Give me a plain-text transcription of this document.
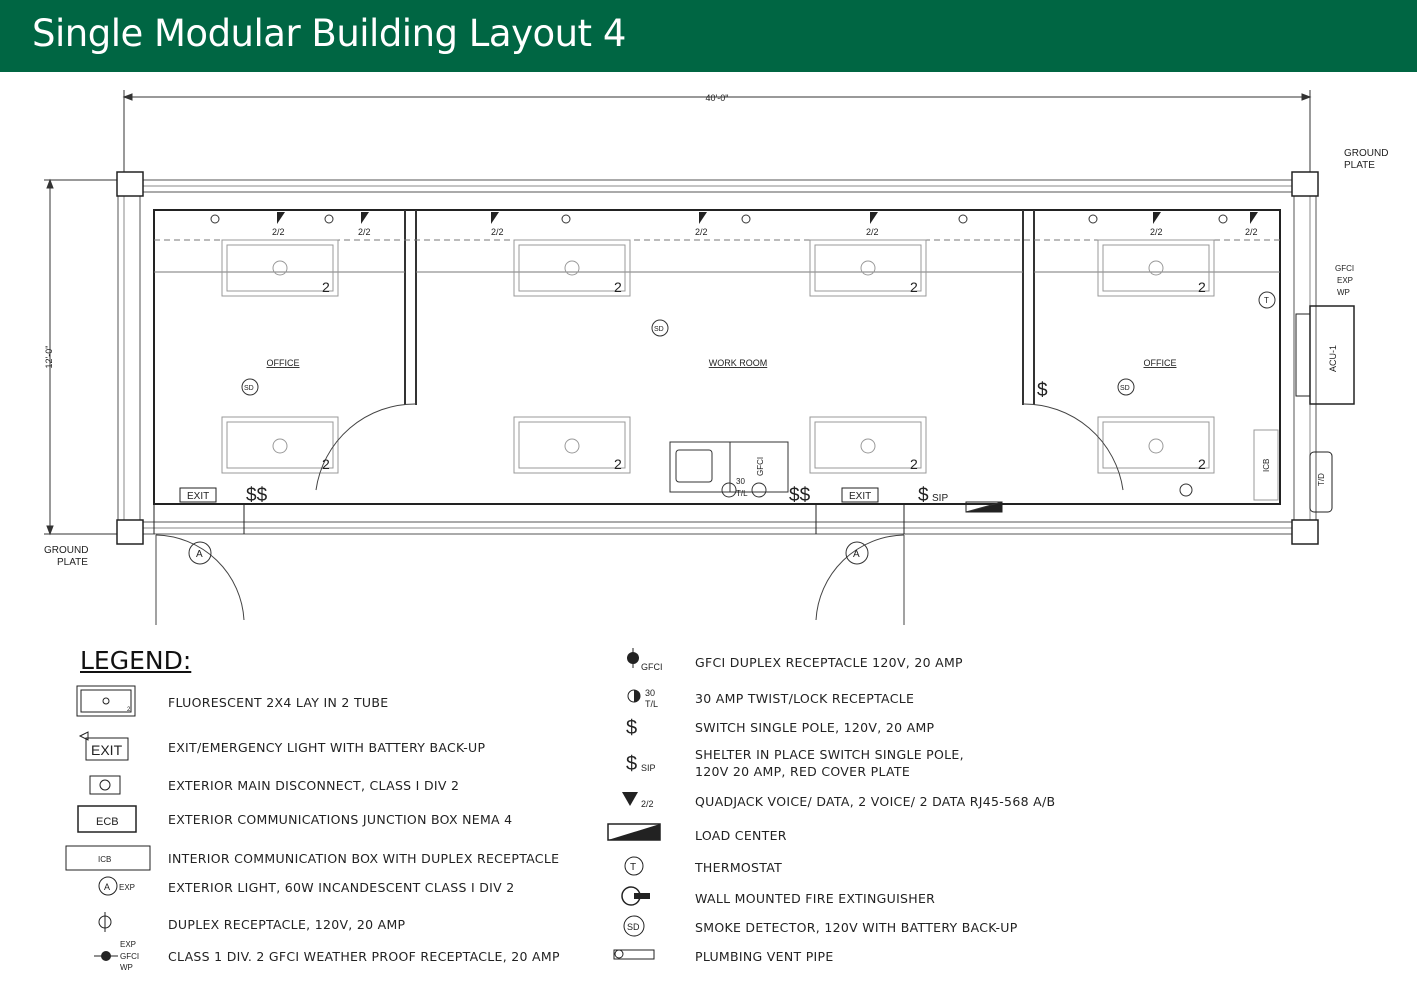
Single Modular Building Layout 4
40'-0"
12'-0"
GROUND
PLATE
GROUND
PLATE
OFFICE	WORK ROOM	OFFICE
SD
SD	SD
T
2/2	2/2	2/2	2/2	2/2	2/2	2/2
2	2	2	2
2	2	2	2
EXIT	EXIT
$$	$$	$ SIP
$
30
T/L
GFCI
GFCI
EXP
WP
ACU-1
ICB
T/D
A	A
LEGEND:
2
EXIT
ECB
ICB
A EXP
EXP
GFCI
WP
FLUORESCENT 2X4 LAY IN 2 TUBE
EXIT/EMERGENCY LIGHT WITH BATTERY BACK-UP
EXTERIOR MAIN DISCONNECT, CLASS I DIV 2
EXTERIOR COMMUNICATIONS JUNCTION BOX NEMA 4
INTERIOR COMMUNICATION BOX WITH DUPLEX RECEPTACLE
EXTERIOR LIGHT, 60W INCANDESCENT CLASS I DIV 2
DUPLEX RECEPTACLE, 120V, 20 AMP
CLASS 1 DIV. 2 GFCI WEATHER PROOF RECEPTACLE, 20 AMP
GFCI
30
T/L
$
$ SIP
2/2
T
SD
GFCI DUPLEX RECEPTACLE 120V, 20 AMP
30 AMP TWIST/LOCK RECEPTACLE
SWITCH SINGLE POLE, 120V, 20 AMP
SHELTER IN PLACE SWITCH SINGLE POLE,
120V 20 AMP, RED COVER PLATE
QUADJACK VOICE/ DATA, 2 VOICE/ 2 DATA RJ45-568 A/B
LOAD CENTER
THERMOSTAT
WALL MOUNTED FIRE EXTINGUISHER
SMOKE DETECTOR, 120V WITH BATTERY BACK-UP
PLUMBING VENT PIPE
